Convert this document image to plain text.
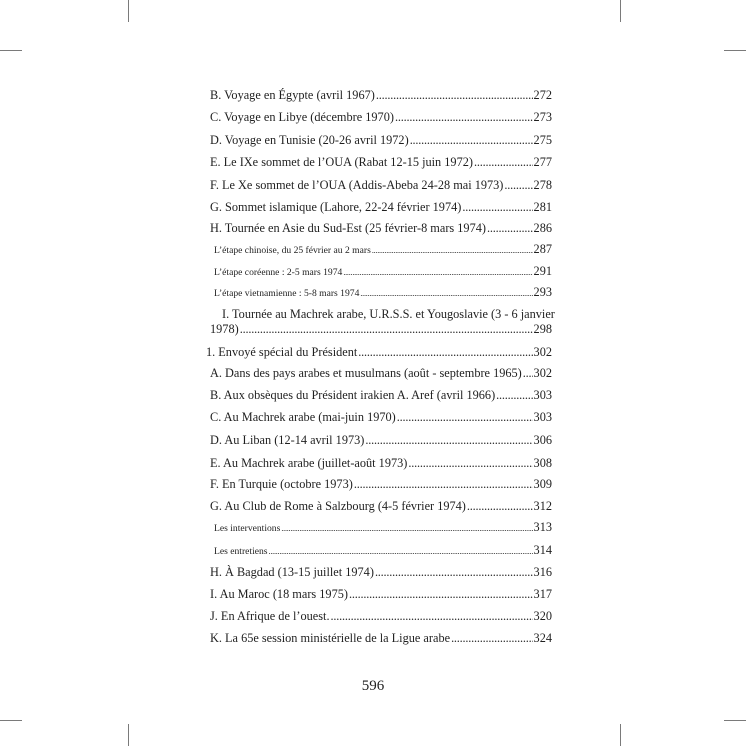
B. Voyage en Égypte (avril 1967) .....	272
C. Voyage en Libye (décembre 1970) .....	273
D. Voyage en Tunisie (20-26 avril 1972) .....	275
E. Le IXe sommet de l’OUA (Rabat 12-15 juin 1972) .....	277
F. Le Xe sommet de l’OUA (Addis-Abeba 24-28 mai 1973) ..... 278
G. Sommet islamique (Lahore, 22-24 février 1974) .....	281
H. Tournée en Asie du Sud-Est (25 février-8 mars 1974) .....	286
L’étape chinoise, du 25 février au 2 mars .....	287
L’étape coréenne : 2-5 mars 1974 .....	291
L’étape vietnamienne : 5-8 mars 1974 .....	293
I. Tournée au Machrek arabe, U.R.S.S. et Yougoslavie (3 - 6 janvier
1978) .....	298
1. Envoyé spécial du Président .....	302
A. Dans des pays arabes et musulmans (août - septembre 1965) ..... 302
B. Aux obsèques du Président irakien A. Aref (avril 1966) .....	303
C. Au Machrek arabe (mai-juin 1970) .....	303
D. Au Liban (12-14 avril 1973) .....	306
E. Au Machrek arabe (juillet-août 1973) .....	308
F. En Turquie (octobre 1973) .....	309
G. Au Club de Rome à Salzbourg (4-5 février 1974) .....	312
Les interventions .....	313
Les entretiens .....	314
H. À Bagdad (13-15 juillet 1974) .....	316
I. Au Maroc (18 mars 1975) .....	317
J. En Afrique de l’ouest. .....	320
K. La 65e session ministérielle de la Ligue arabe .....	324
596
